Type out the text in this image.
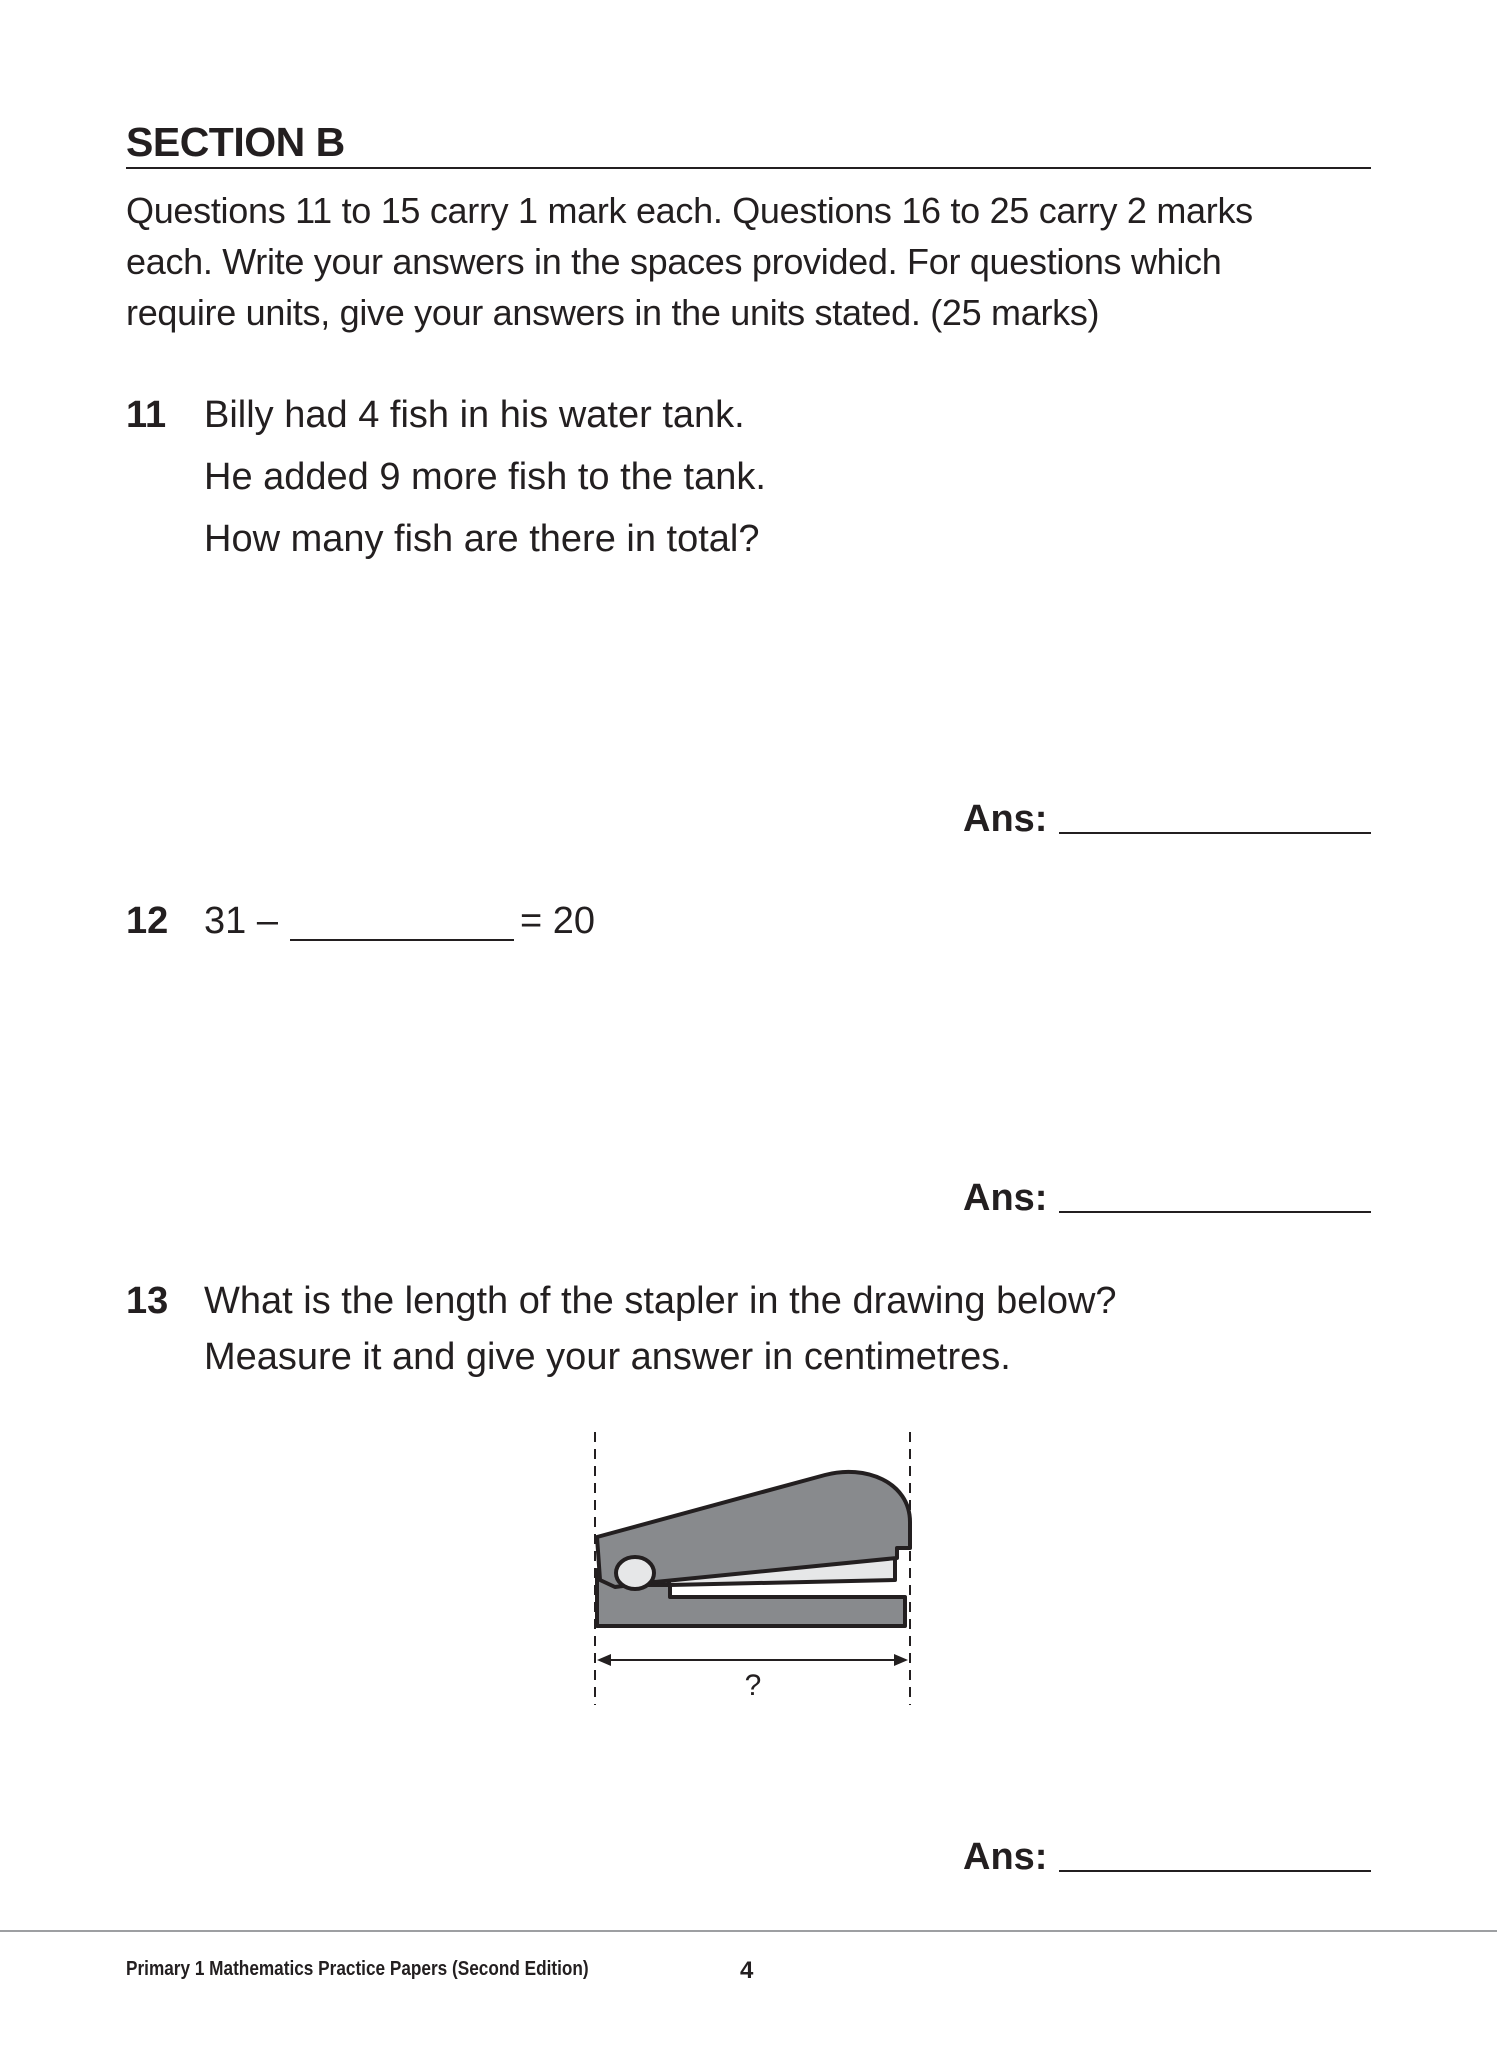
SECTION B
Questions 11 to 15 carry 1 mark each. Questions 16 to 25 carry 2 marks
each. Write your answers in the spaces provided. For questions which
require units, give your answers in the units stated. (25 marks)
11 Billy had 4 fish in his water tank.
He added 9 more fish to the tank.
How many fish are there in total?
Ans:
12 31 –	= 20
Ans:
13 What is the length of the stapler in the drawing below?
Measure it and give your answer in centimetres.
?
Ans:
Primary 1 Mathematics Practice Papers (Second Edition)	4
